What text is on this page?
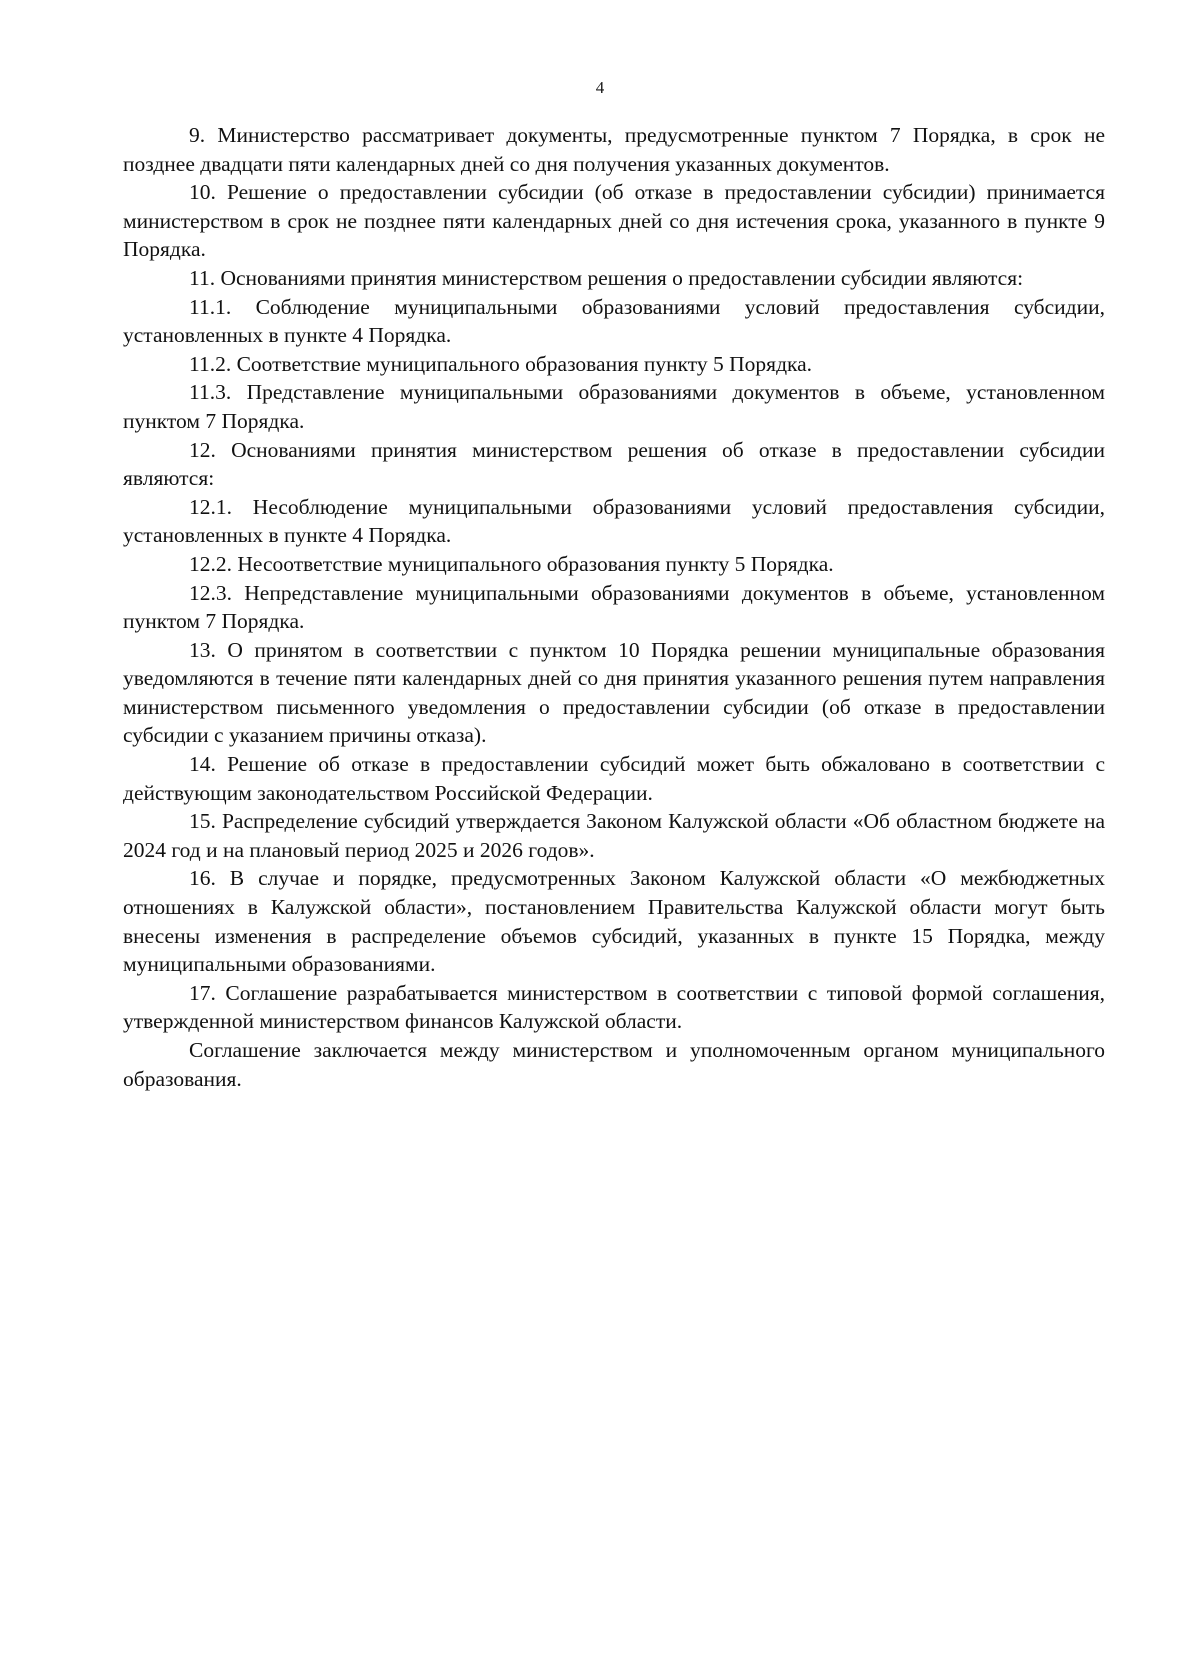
4

9. Министерство рассматривает документы, предусмотренные пунктом 7 Порядка, в срок не позднее двадцати пяти календарных дней со дня получения указанных документов.

10. Решение о предоставлении субсидии (об отказе в предоставлении субсидии) принимается министерством в срок не позднее пяти календарных дней со дня истечения срока, указанного в пункте 9 Порядка.

11. Основаниями принятия министерством решения о предоставлении субсидии являются:

11.1. Соблюдение муниципальными образованиями условий предоставления субсидии, установленных в пункте 4 Порядка.

11.2. Соответствие муниципального образования пункту 5 Порядка.

11.3. Представление муниципальными образованиями документов в объеме, установленном пунктом 7 Порядка.

12. Основаниями принятия министерством решения об отказе в предоставлении субсидии являются:

12.1. Несоблюдение муниципальными образованиями условий предоставления субсидии, установленных в пункте 4 Порядка.

12.2. Несоответствие муниципального образования пункту 5 Порядка.

12.3. Непредставление муниципальными образованиями документов в объеме, установленном пунктом 7 Порядка.

13. О принятом в соответствии с пунктом 10 Порядка решении муниципальные образования уведомляются в течение пяти календарных дней со дня принятия указанного решения путем направления министерством письменного уведомления о предоставлении субсидии (об отказе в предоставлении субсидии с указанием причины отказа).

14. Решение об отказе в предоставлении субсидий может быть обжаловано в соответствии с действующим законодательством Российской Федерации.

15. Распределение субсидий утверждается Законом Калужской области «Об областном бюджете на 2024 год и на плановый период 2025 и 2026 годов».

16. В случае и порядке, предусмотренных Законом Калужской области «О межбюджетных отношениях в Калужской области», постановлением Правительства Калужской области могут быть внесены изменения в распределение объемов субсидий, указанных в пункте 15 Порядка, между муниципальными образованиями.

17. Соглашение разрабатывается министерством в соответствии с типовой формой соглашения, утвержденной министерством финансов Калужской области.

Соглашение заключается между министерством и уполномоченным органом муниципального образования.
